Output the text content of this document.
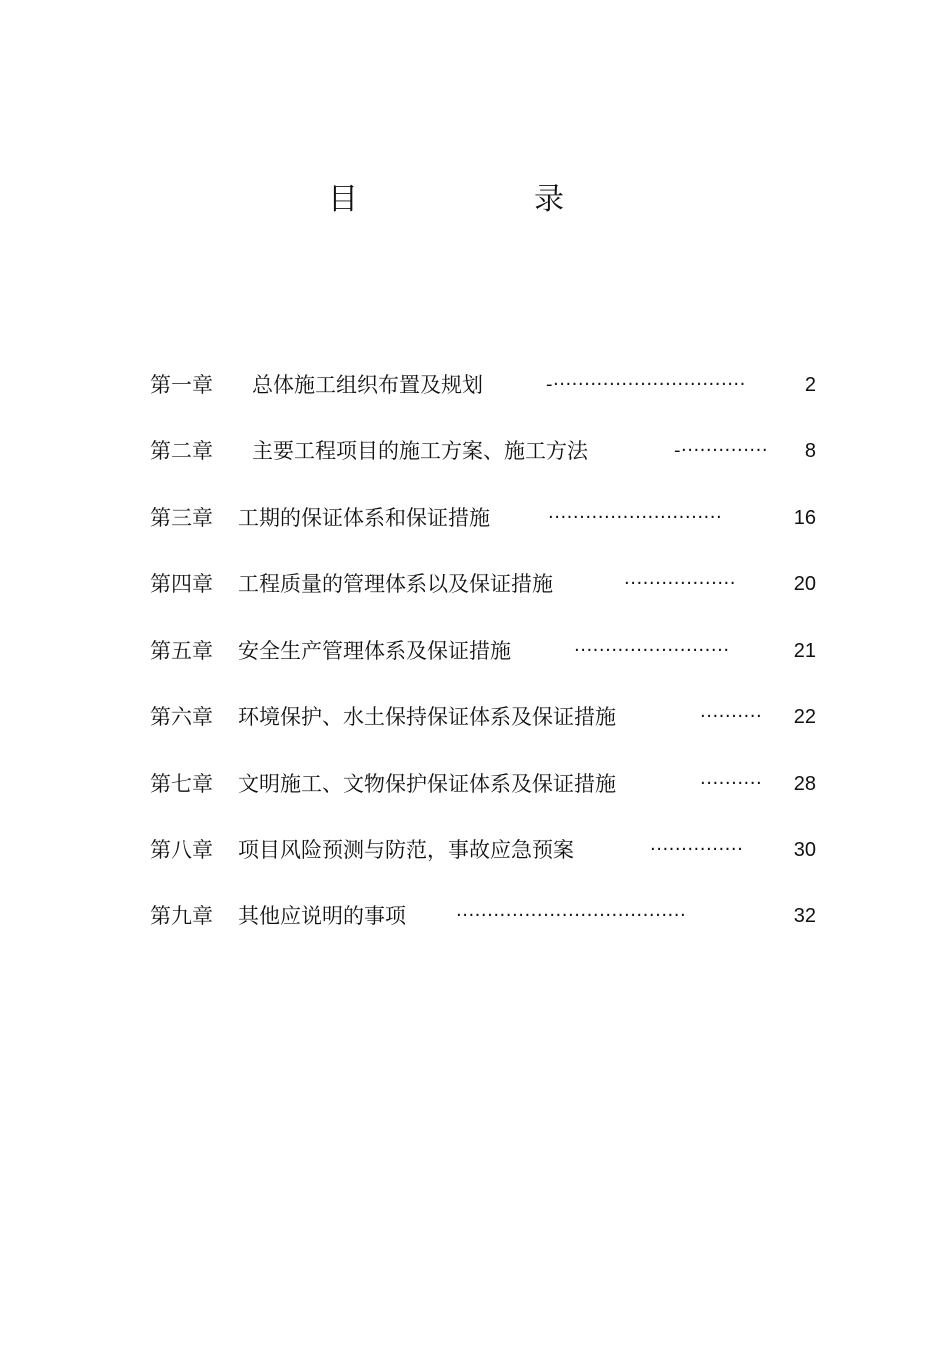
目	录
第一章 总体施工组织布置及规划	-·······························	2
第二章 主要工程项目的施工方案、施工方法	-·············· 8
第三章 工期的保证体系和保证措施	····························	16
第四章 工程质量的管理体系以及保证措施	··················	20
第五章 安全生产管理体系及保证措施	·························	21
第六章 环境保护、水土保持保证体系及保证措施	·········· 22
第七章 文明施工、文物保护保证体系及保证措施	·········· 28
第八章 项目风险预测与防范，事故应急预案	···············	30
第九章 其他应说明的事项	·····································	32
